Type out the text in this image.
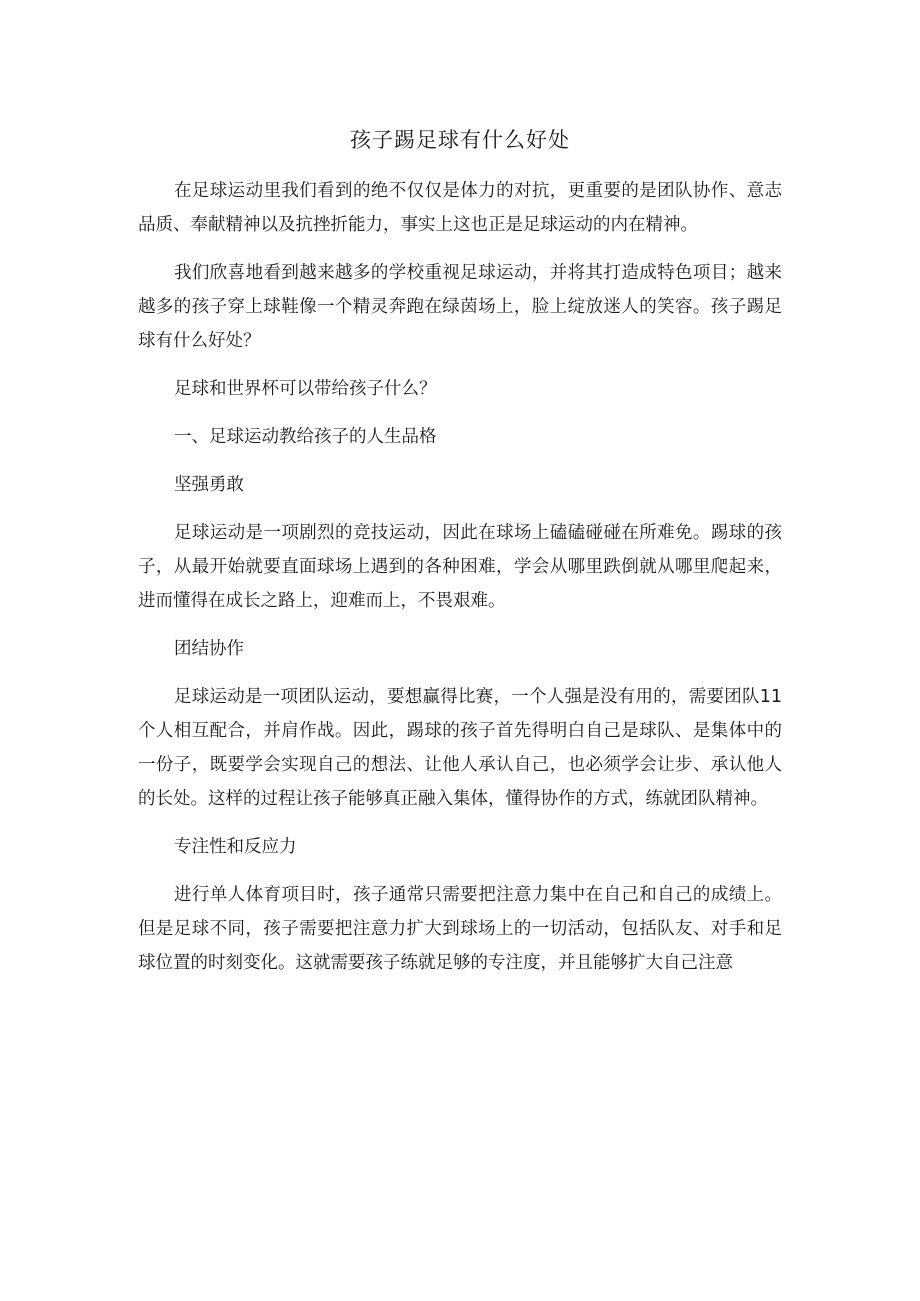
孩子踢足球有什么好处

在足球运动里我们看到的绝不仅仅是体力的对抗，更重要的是团队协作、意志品质、奉献精神以及抗挫折能力，事实上这也正是足球运动的内在精神。

我们欣喜地看到越来越多的学校重视足球运动，并将其打造成特色项目；越来越多的孩子穿上球鞋像一个精灵奔跑在绿茵场上，脸上绽放迷人的笑容。孩子踢足球有什么好处？

足球和世界杯可以带给孩子什么？

一、足球运动教给孩子的人生品格

坚强勇敢

足球运动是一项剧烈的竞技运动，因此在球场上磕磕碰碰在所难免。踢球的孩子，从最开始就要直面球场上遇到的各种困难，学会从哪里跌倒就从哪里爬起来，进而懂得在成长之路上，迎难而上，不畏艰难。

团结协作

足球运动是一项团队运动，要想赢得比赛，一个人强是没有用的，需要团队11个人相互配合，并肩作战。因此，踢球的孩子首先得明白自己是球队、是集体中的一份子，既要学会实现自己的想法、让他人承认自己，也必须学会让步、承认他人的长处。这样的过程让孩子能够真正融入集体，懂得协作的方式，练就团队精神。

专注性和反应力

进行单人体育项目时，孩子通常只需要把注意力集中在自己和自己的成绩上。但是足球不同，孩子需要把注意力扩大到球场上的一切活动，包括队友、对手和足球位置的时刻变化。这就需要孩子练就足够的专注度，并且能够扩大自己注意
